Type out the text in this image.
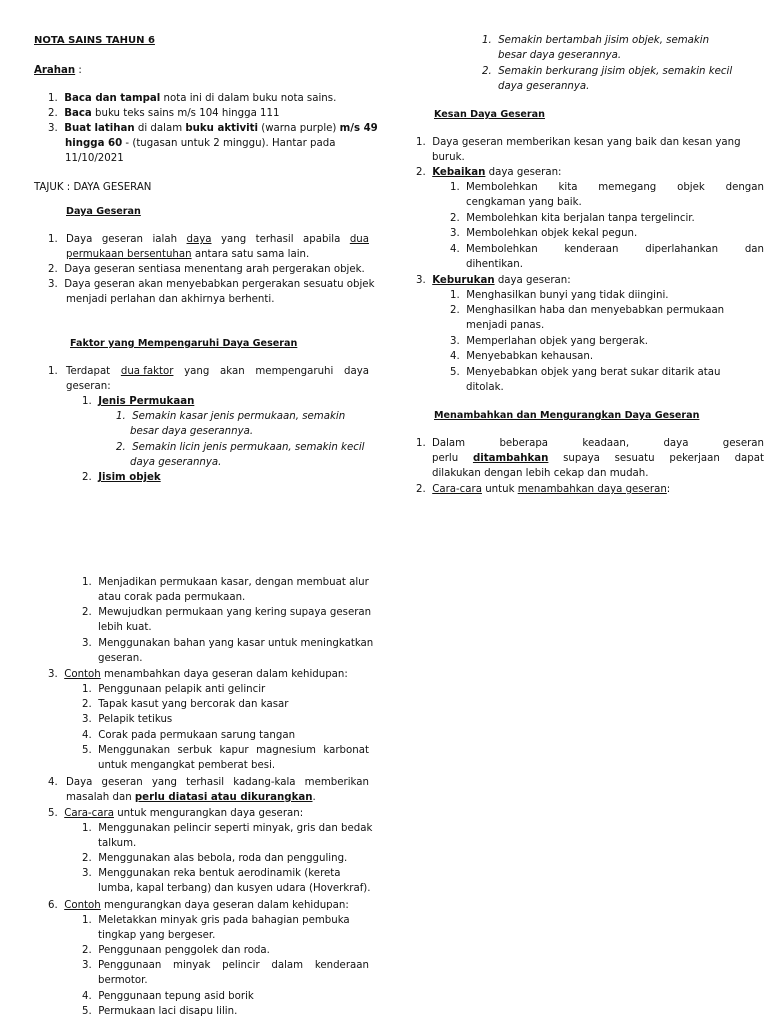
NOTA SAINS TAHUN 6
Arahan :
1. Baca dan tampal nota ini di dalam buku nota sains.
2. Baca buku teks sains m/s 104 hingga 111
3. Buat latihan di dalam buku aktiviti (warna purple) m/s 49
hingga 60 - (tugasan untuk 2 minggu). Hantar pada
11/10/2021
TAJUK : DAYA GESERAN
Daya Geseran
1. Daya geseran ialah daya yang terhasil apabila dua
permukaan bersentuhan antara satu sama lain.
2. Daya geseran sentiasa menentang arah pergerakan objek.
3. Daya geseran akan menyebabkan pergerakan sesuatu objek
menjadi perlahan dan akhirnya berhenti.
Faktor yang Mempengaruhi Daya Geseran
1. Terdapat dua faktor yang akan mempengaruhi daya
geseran:
1. Jenis Permukaan
1. Semakin kasar jenis permukaan, semakin
besar daya geserannya.
2. Semakin licin jenis permukaan, semakin kecil
daya geserannya.
2. Jisim objek
1. Menjadikan permukaan kasar, dengan membuat alur
atau corak pada permukaan.
2. Mewujudkan permukaan yang kering supaya geseran
lebih kuat.
3. Menggunakan bahan yang kasar untuk meningkatkan
geseran.
3. Contoh menambahkan daya geseran dalam kehidupan:
1. Penggunaan pelapik anti gelincir
2. Tapak kasut yang bercorak dan kasar
3. Pelapik tetikus
4. Corak pada permukaan sarung tangan
5. Menggunakan serbuk kapur magnesium karbonat
untuk mengangkat pemberat besi.
4. Daya geseran yang terhasil kadang-kala memberikan
masalah dan perlu diatasi atau dikurangkan.
5. Cara-cara untuk mengurangkan daya geseran:
1. Menggunakan pelincir seperti minyak, gris dan bedak
talkum.
2. Menggunakan alas bebola, roda dan pengguling.
3. Menggunakan reka bentuk aerodinamik (kereta
lumba, kapal terbang) dan kusyen udara (Hoverkraf).
6. Contoh mengurangkan daya geseran dalam kehidupan:
1. Meletakkan minyak gris pada bahagian pembuka
tingkap yang bergeser.
2. Penggunaan penggolek dan roda.
3. Penggunaan minyak pelincir dalam kenderaan
bermotor.
4. Penggunaan tepung asid borik
5. Permukaan laci disapu lilin.
1. Semakin bertambah jisim objek, semakin
besar daya geserannya.
2. Semakin berkurang jisim objek, semakin kecil
daya geserannya.
Kesan Daya Geseran
1. Daya geseran memberikan kesan yang baik dan kesan yang
buruk.
2. Kebaikan daya geseran:
1. Membolehkan kita memegang objek dengan
cengkaman yang baik.
2. Membolehkan kita berjalan tanpa tergelincir.
3. Membolehkan objek kekal pegun.
4. Membolehkan	kenderaan	diperlahankan	dan
dihentikan.
3. Keburukan daya geseran:
1. Menghasilkan bunyi yang tidak diingini.
2. Menghasilkan haba dan menyebabkan permukaan
menjadi panas.
3. Memperlahan objek yang bergerak.
4. Menyebabkan kehausan.
5. Menyebabkan objek yang berat sukar ditarik atau
ditolak.
Menambahkan dan Mengurangkan Daya Geseran
1. Dalam	beberapa	keadaan,	daya	geseran
perlu ditambahkan supaya sesuatu pekerjaan dapat
dilakukan dengan lebih cekap dan mudah.
2. Cara-cara untuk menambahkan daya geseran:
